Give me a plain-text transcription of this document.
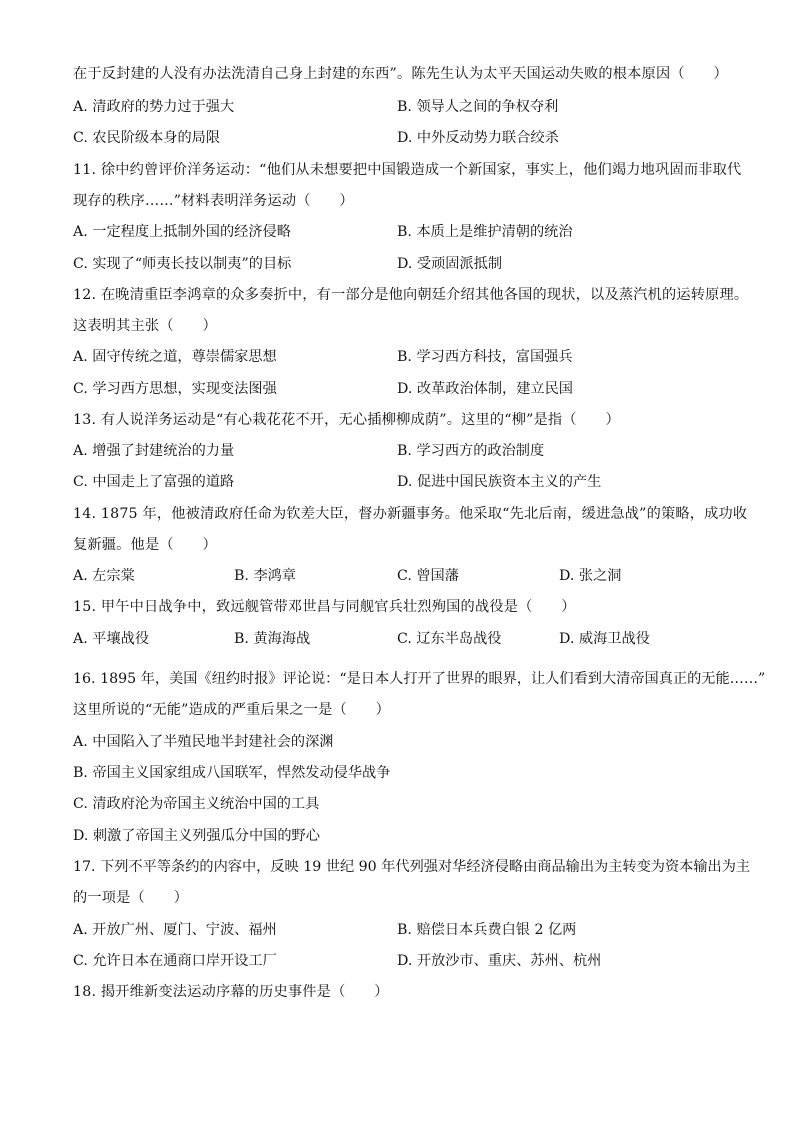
在于反封建的人没有办法洗清自己身上封建的东西”。陈先生认为太平天国运动失败的根本原因（　　）
A. 清政府的势力过于强大	B. 领导人之间的争权夺利
C. 农民阶级本身的局限	D. 中外反动势力联合绞杀
11. 徐中约曾评价洋务运动：“他们从未想要把中国锻造成一个新国家，事实上，他们竭力地巩固而非取代
现存的秩序……”材料表明洋务运动（　　）
A. 一定程度上抵制外国的经济侵略	B. 本质上是维护清朝的统治
C. 实现了“师夷长技以制夷”的目标	D. 受顽固派抵制
12. 在晚清重臣李鸿章的众多奏折中，有一部分是他向朝廷介绍其他各国的现状，以及蒸汽机的运转原理。
这表明其主张（　　）
A. 固守传统之道，尊崇儒家思想	B. 学习西方科技，富国强兵
C. 学习西方思想，实现变法图强	D. 改革政治体制，建立民国
13. 有人说洋务运动是“有心栽花花不开，无心插柳柳成荫”。这里的“柳”是指（　　）
A. 增强了封建统治的力量	B. 学习西方的政治制度
C. 中国走上了富强的道路	D. 促进中国民族资本主义的产生
14. 1875 年，他被清政府任命为钦差大臣，督办新疆事务。他采取“先北后南，缓进急战”的策略，成功收
复新疆。他是（　　）
A. 左宗棠	B. 李鸿章	C. 曾国藩	D. 张之洞
15. 甲午中日战争中，致远舰管带邓世昌与同舰官兵壮烈殉国的战役是（　　）
A. 平壤战役	B. 黄海海战	C. 辽东半岛战役	D. 威海卫战役
16. 1895 年，美国《纽约时报》评论说：“是日本人打开了世界的眼界，让人们看到大清帝国真正的无能……”
这里所说的“无能”造成的严重后果之一是（　　）
A. 中国陷入了半殖民地半封建社会的深渊
B. 帝国主义国家组成八国联军，悍然发动侵华战争
C. 清政府沦为帝国主义统治中国的工具
D. 刺激了帝国主义列强瓜分中国的野心
17. 下列不平等条约的内容中，反映 19 世纪 90 年代列强对华经济侵略由商品输出为主转变为资本输出为主
的一项是（　　）
A. 开放广州、厦门、宁波、福州	B. 赔偿日本兵费白银 2 亿两
C. 允许日本在通商口岸开设工厂	D. 开放沙市、重庆、苏州、杭州
18. 揭开维新变法运动序幕的历史事件是（　　）
